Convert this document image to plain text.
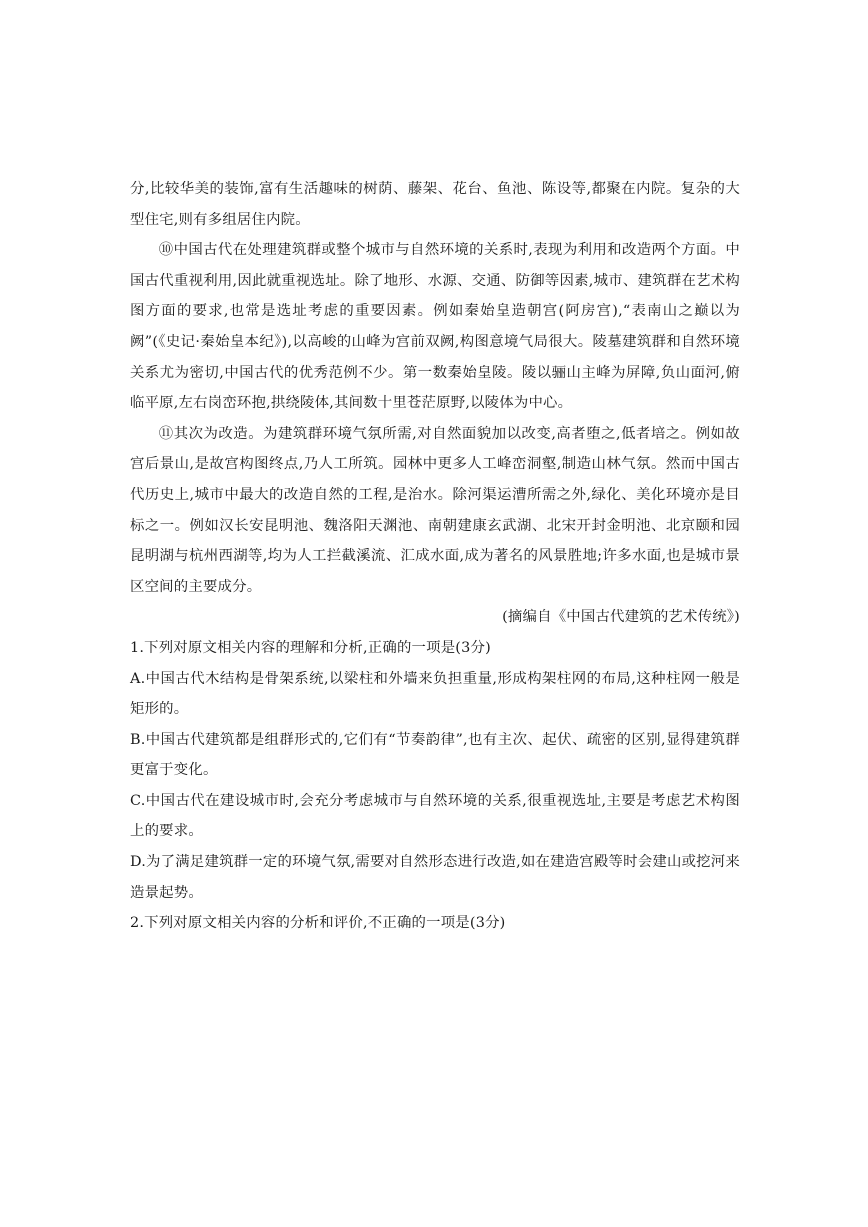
分,比较华美的装饰,富有生活趣味的树荫、藤架、花台、鱼池、陈设等,都聚在内院。复杂的大型住宅,则有多组居住内院。

⑩中国古代在处理建筑群或整个城市与自然环境的关系时,表现为利用和改造两个方面。中国古代重视利用,因此就重视选址。除了地形、水源、交通、防御等因素,城市、建筑群在艺术构图方面的要求,也常是选址考虑的重要因素。例如秦始皇造朝宫(阿房宫),“表南山之巅以为阙”(《史记·秦始皇本纪》),以高峻的山峰为宫前双阙,构图意境气局很大。陵墓建筑群和自然环境关系尤为密切,中国古代的优秀范例不少。第一数秦始皇陵。陵以骊山主峰为屏障,负山面河,俯临平原,左右岗峦环抱,拱绕陵体,其间数十里苍茫原野,以陵体为中心。

⑪其次为改造。为建筑群环境气氛所需,对自然面貌加以改变,高者堕之,低者培之。例如故宫后景山,是故宫构图终点,乃人工所筑。园林中更多人工峰峦洞壑,制造山林气氛。然而中国古代历史上,城市中最大的改造自然的工程,是治水。除河渠运漕所需之外,绿化、美化环境亦是目标之一。例如汉长安昆明池、魏洛阳天渊池、南朝建康玄武湖、北宋开封金明池、北京颐和园昆明湖与杭州西湖等,均为人工拦截溪流、汇成水面,成为著名的风景胜地;许多水面,也是城市景区空间的主要成分。

(摘编自《中国古代建筑的艺术传统》)

1.下列对原文相关内容的理解和分析,正确的一项是(3分)

A.中国古代木结构是骨架系统,以梁柱和外墙来负担重量,形成构架柱网的布局,这种柱网一般是矩形的。

B.中国古代建筑都是组群形式的,它们有“节奏韵律”,也有主次、起伏、疏密的区别,显得建筑群更富于变化。

C.中国古代在建设城市时,会充分考虑城市与自然环境的关系,很重视选址,主要是考虑艺术构图上的要求。

D.为了满足建筑群一定的环境气氛,需要对自然形态进行改造,如在建造宫殿等时会建山或挖河来造景起势。

2.下列对原文相关内容的分析和评价,不正确的一项是(3分)
